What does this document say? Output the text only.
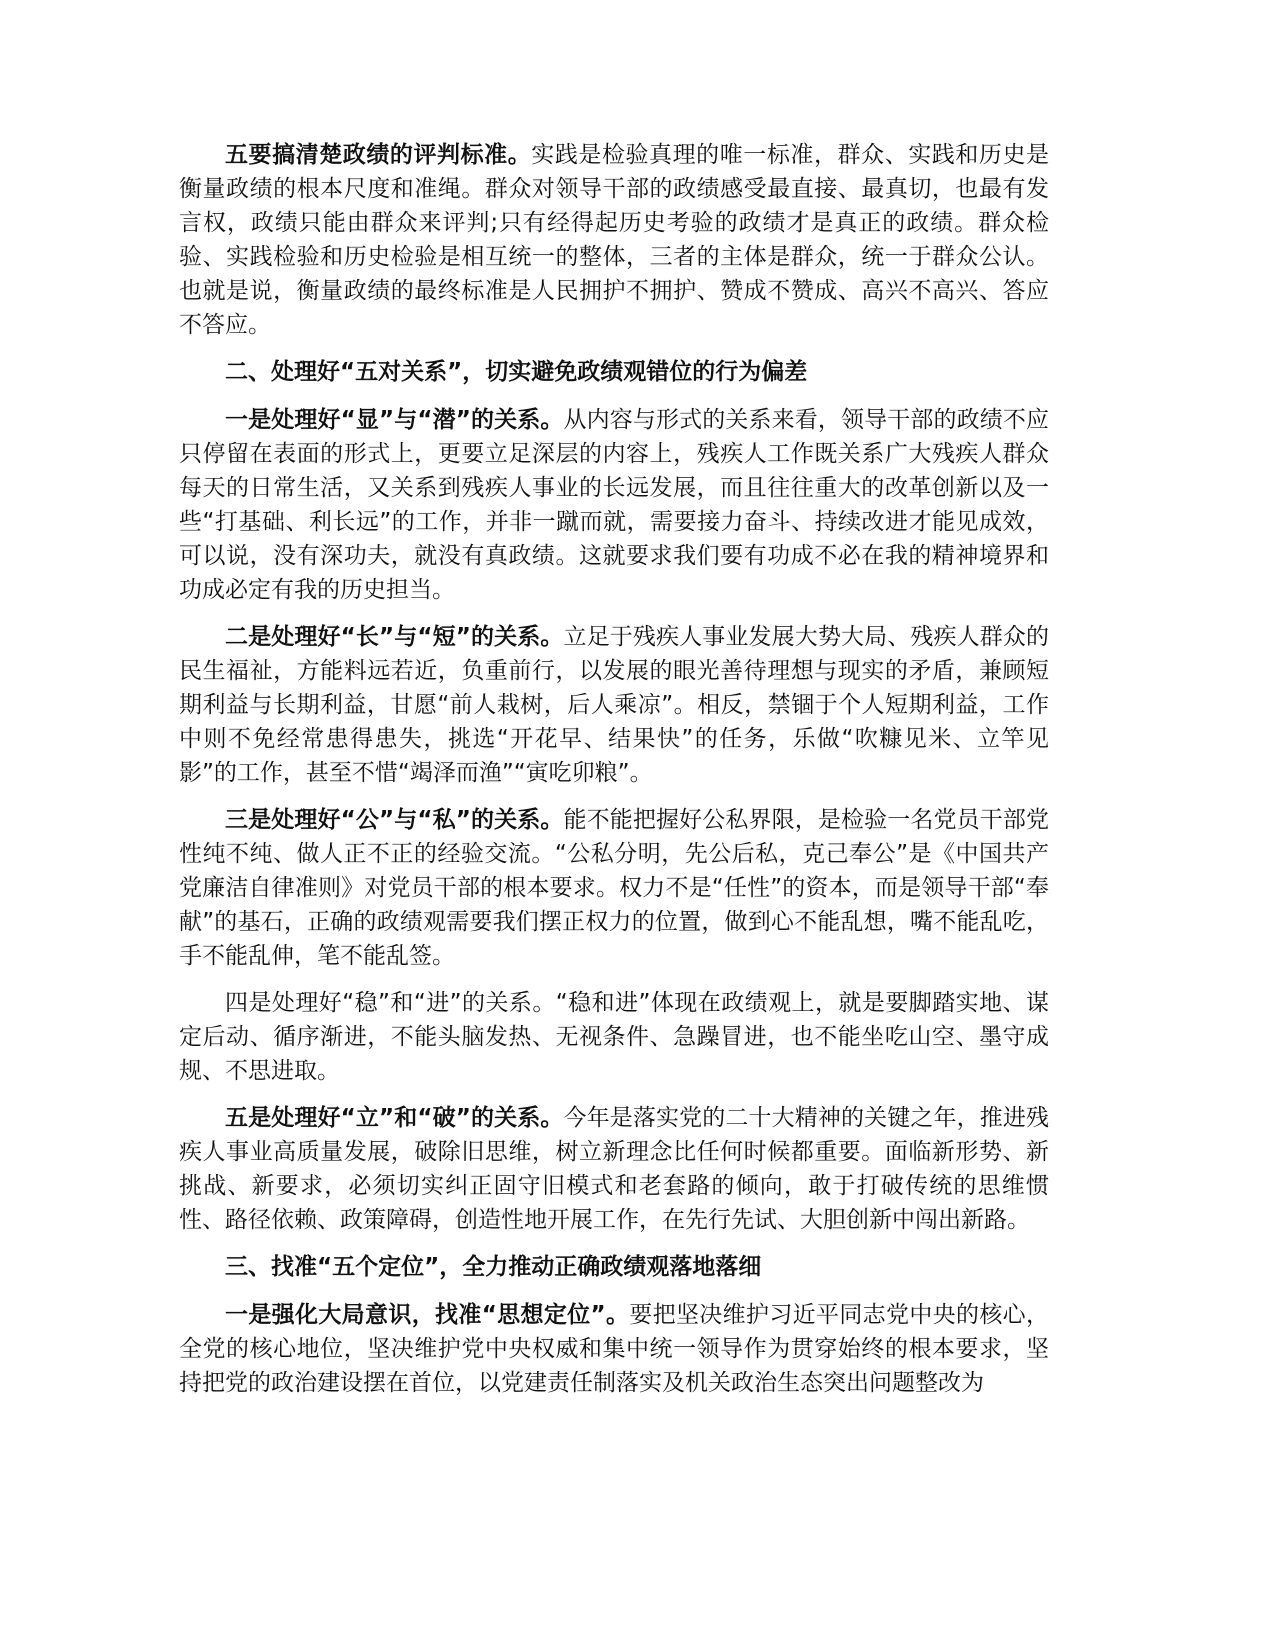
五要搞清楚政绩的评判标准。实践是检验真理的唯一标准，群众、实践和历史是衡量政绩的根本尺度和准绳。群众对领导干部的政绩感受最直接、最真切，也最有发言权，政绩只能由群众来评判;只有经得起历史考验的政绩才是真正的政绩。群众检验、实践检验和历史检验是相互统一的整体，三者的主体是群众，统一于群众公认。也就是说，衡量政绩的最终标准是人民拥护不拥护、赞成不赞成、高兴不高兴、答应不答应。

二、处理好“五对关系”，切实避免政绩观错位的行为偏差

一是处理好“显”与“潜”的关系。从内容与形式的关系来看，领导干部的政绩不应只停留在表面的形式上，更要立足深层的内容上，残疾人工作既关系广大残疾人群众每天的日常生活，又关系到残疾人事业的长远发展，而且往往重大的改革创新以及一些“打基础、利长远”的工作，并非一蹴而就，需要接力奋斗、持续改进才能见成效，可以说，没有深功夫，就没有真政绩。这就要求我们要有功成不必在我的精神境界和功成必定有我的历史担当。

二是处理好“长”与“短”的关系。立足于残疾人事业发展大势大局、残疾人群众的民生福祉，方能料远若近，负重前行，以发展的眼光善待理想与现实的矛盾，兼顾短期利益与长期利益，甘愿“前人栽树，后人乘凉”。相反，禁锢于个人短期利益，工作中则不免经常患得患失，挑选“开花早、结果快”的任务，乐做“吹糠见米、立竿见影”的工作，甚至不惜“竭泽而渔”“寅吃卯粮”。

三是处理好“公”与“私”的关系。能不能把握好公私界限，是检验一名党员干部党性纯不纯、做人正不正的经验交流。“公私分明，先公后私，克己奉公”是《中国共产党廉洁自律准则》对党员干部的根本要求。权力不是“任性”的资本，而是领导干部“奉献”的基石，正确的政绩观需要我们摆正权力的位置，做到心不能乱想，嘴不能乱吃，手不能乱伸，笔不能乱签。

四是处理好“稳”和“进”的关系。“稳和进”体现在政绩观上，就是要脚踏实地、谋定后动、循序渐进，不能头脑发热、无视条件、急躁冒进，也不能坐吃山空、墨守成规、不思进取。

五是处理好“立”和“破”的关系。今年是落实党的二十大精神的关键之年，推进残疾人事业高质量发展，破除旧思维，树立新理念比任何时候都重要。面临新形势、新挑战、新要求，必须切实纠正固守旧模式和老套路的倾向，敢于打破传统的思维惯性、路径依赖、政策障碍，创造性地开展工作，在先行先试、大胆创新中闯出新路。

三、找准“五个定位”，全力推动正确政绩观落地落细

一是强化大局意识，找准“思想定位”。要把坚决维护习近平同志党中央的核心，全党的核心地位，坚决维护党中央权威和集中统一领导作为贯穿始终的根本要求，坚持把党的政治建设摆在首位，以党建责任制落实及机关政治生态突出问题整改为
